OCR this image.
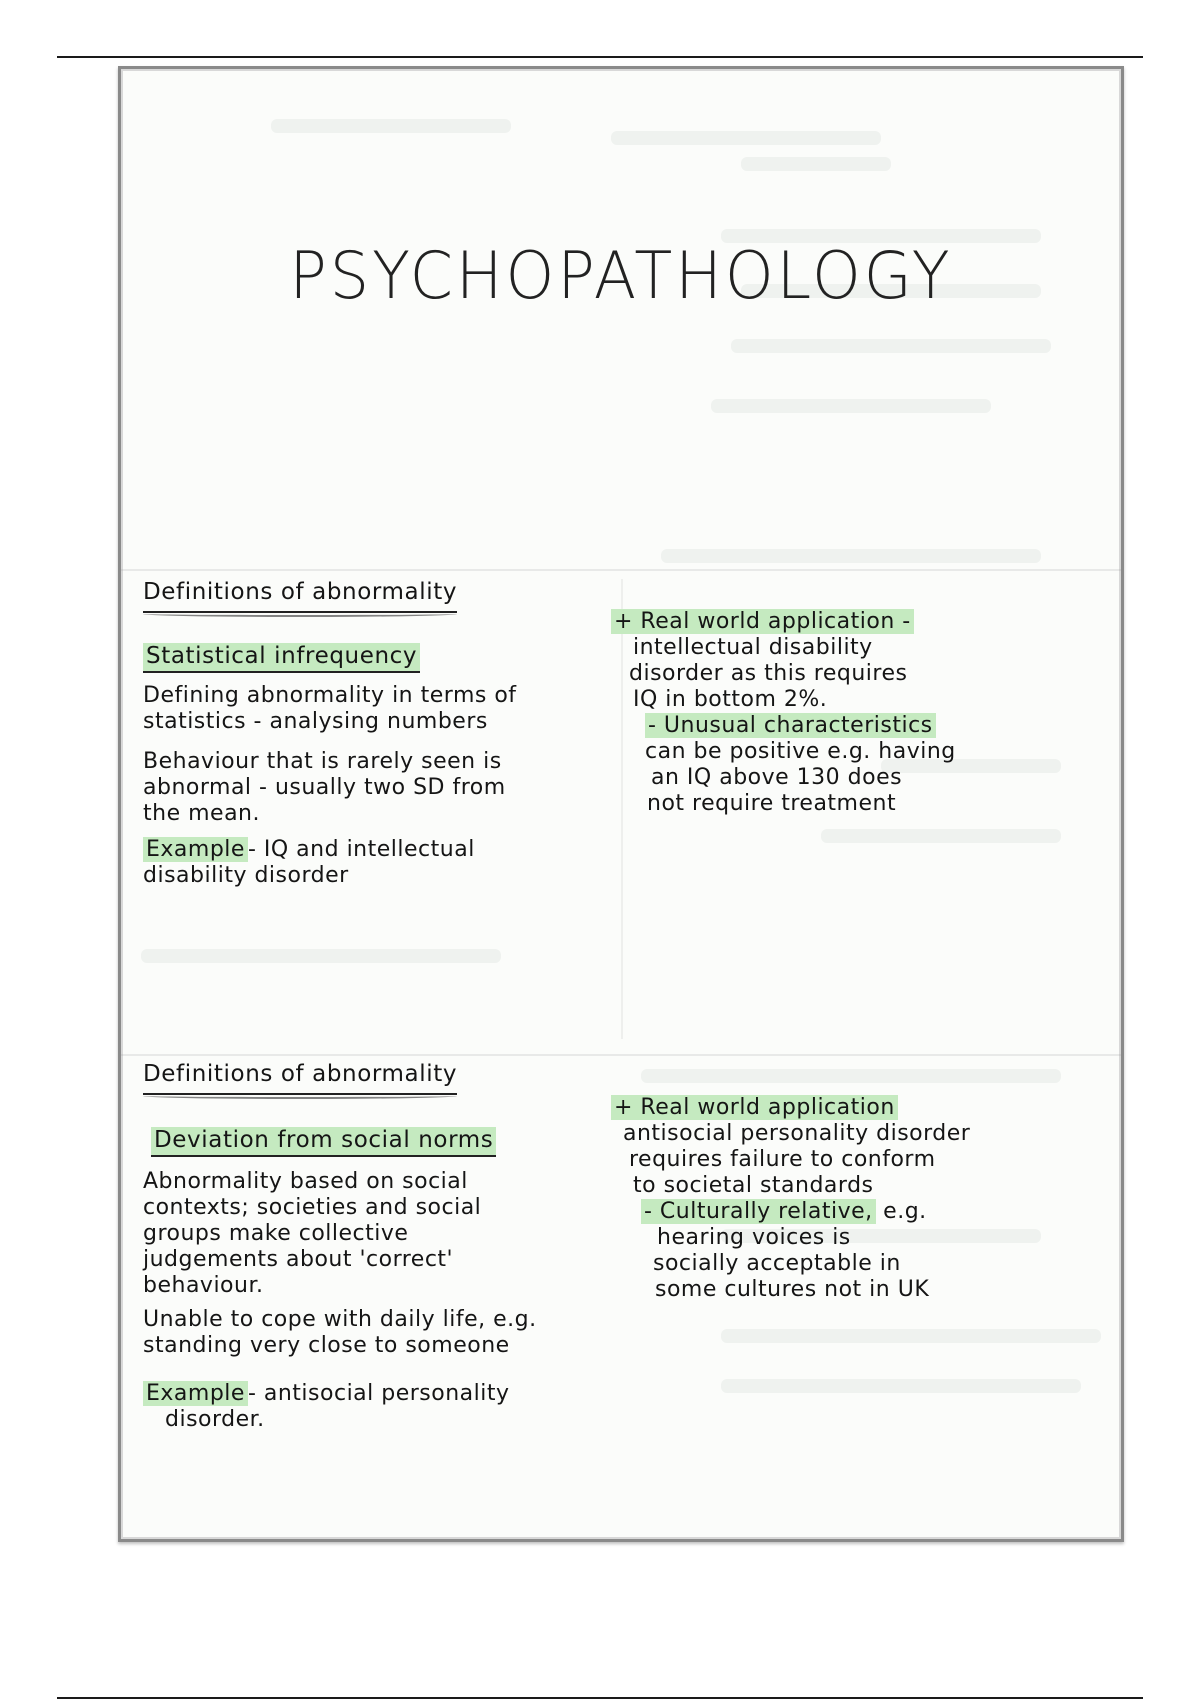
PSYCHOPATHOLOGY
Definitions of abnormality
Statistical infrequency

Defining abnormality in terms of

statistics - analysing numbers

Behaviour that is rarely seen is

abnormal - usually two SD from

the mean.

Example - IQ and intellectual

disability disorder

+ Real world application -

intellectual disability

disorder as this requires

IQ in bottom 2%.

- Unusual characteristics

can be positive e.g. having

an IQ above 130 does

not require treatment

Definitions of abnormality
Deviation from social norms

Abnormality based on social

contexts; societies and social

groups make collective

judgements about 'correct'

behaviour.

Unable to cope with daily life, e.g.

standing very close to someone

Example - antisocial personality

disorder.

+ Real world application

antisocial personality disorder

requires failure to conform

to societal standards

- Culturally relative, e.g.

hearing voices is

socially acceptable in

some cultures not in UK
